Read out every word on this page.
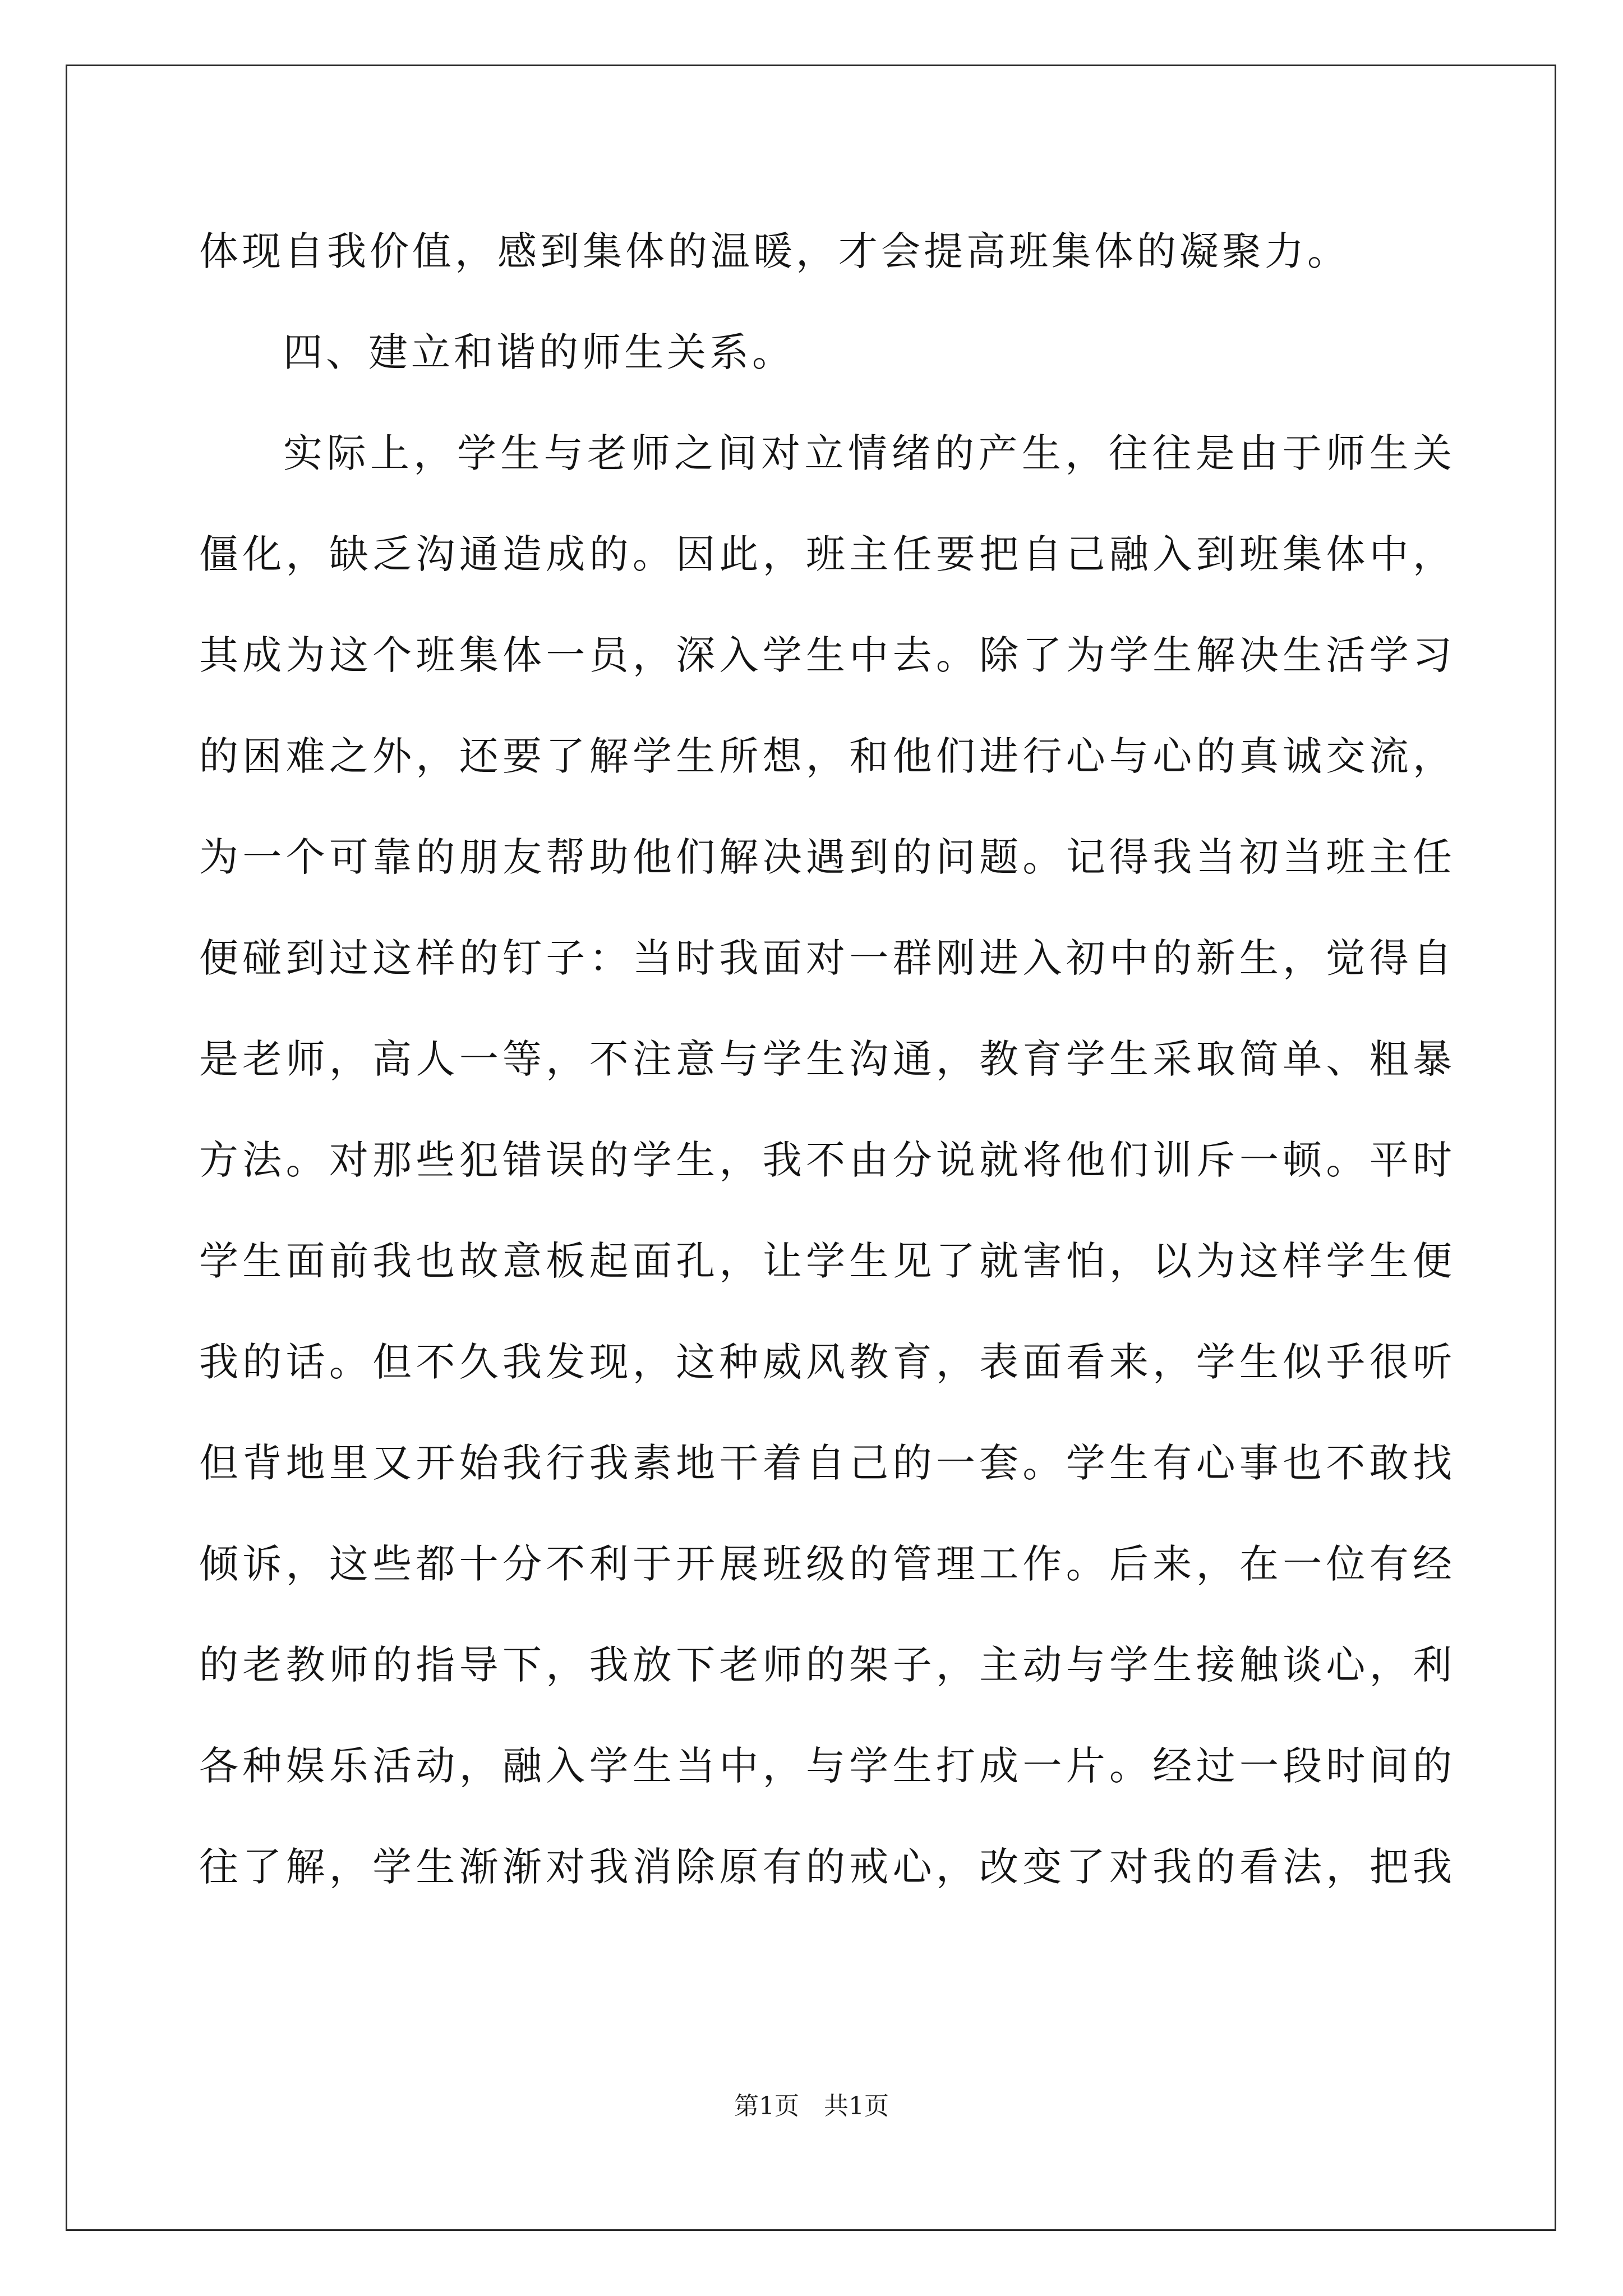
体现自我价值，感到集体的温暖，才会提高班集体的凝聚力。
四、建立和谐的师生关系。
实际上，学生与老师之间对立情绪的产生，往往是由于师生关
僵化，缺乏沟通造成的。因此，班主任要把自己融入到班集体中，
其成为这个班集体一员，深入学生中去。除了为学生解决生活学习
的困难之外，还要了解学生所想，和他们进行心与心的真诚交流，
为一个可靠的朋友帮助他们解决遇到的问题。记得我当初当班主任
便碰到过这样的钉子：当时我面对一群刚进入初中的新生，觉得自
是老师，高人一等，不注意与学生沟通，教育学生采取简单、粗暴
方法。对那些犯错误的学生，我不由分说就将他们训斥一顿。平时
学生面前我也故意板起面孔，让学生见了就害怕，以为这样学生便
我的话。但不久我发现，这种威风教育，表面看来，学生似乎很听
但背地里又开始我行我素地干着自己的一套。学生有心事也不敢找
倾诉，这些都十分不利于开展班级的管理工作。后来，在一位有经
的老教师的指导下，我放下老师的架子，主动与学生接触谈心，利
各种娱乐活动，融入学生当中，与学生打成一片。经过一段时间的
往了解，学生渐渐对我消除原有的戒心，改变了对我的看法，把我
第1页　共1页
